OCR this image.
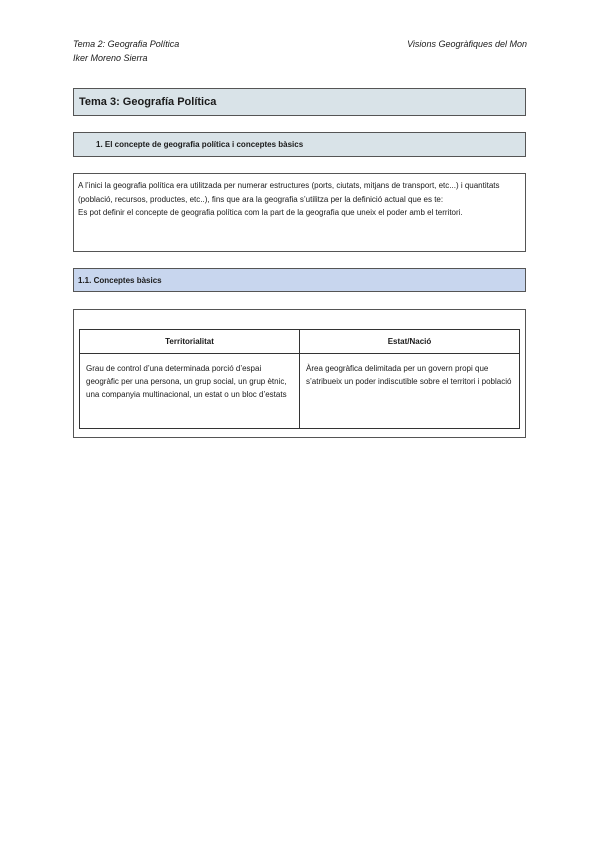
Tema 2: Geografia Política
Iker Moreno Sierra
Visions Geogràfiques del Mon
Tema 3: Geografía Política
1. El concepte de geografia política i conceptes bàsics

A l’inici la geografia política era utilitzada per numerar estructures (ports, ciutats, mitjans de transport, etc...) i quantitats (població, recursos, productes, etc..), fins que ara la geografia s’utilitza per la definició actual que es te:

Es pot definir el concepte de geografia política com la part de la geografia que uneix el poder amb el territori.

1.1. Conceptes bàsics
Territorialitat	Estat/Nació
Grau de control d’una determinada porció d’espai geogràfic per una persona, un grup social, un grup ètnic, una companyia multinacional, un estat o un bloc d’estats	Àrea geogràfica delimitada per un govern propi que s’atribueix un poder indiscutible sobre el territori i població
